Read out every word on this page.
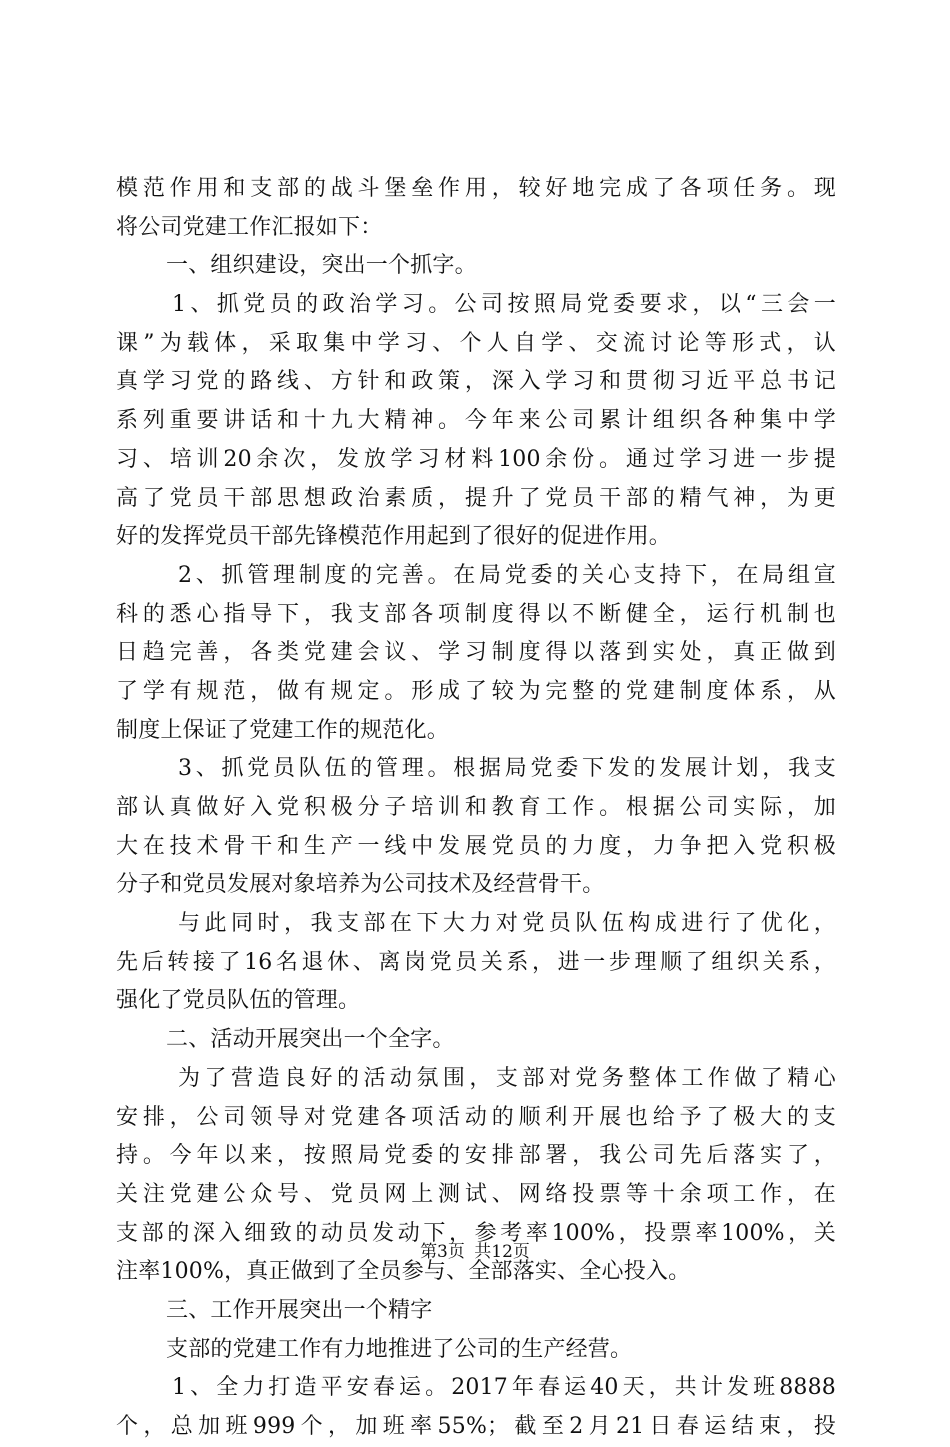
模范作用和支部的战斗堡垒作用，较好地完成了各项任务。现
将公司党建工作汇报如下：
一、组织建设，突出一个抓字。
1、抓党员的政治学习。公司按照局党委要求，以“三会一
课”为载体，采取集中学习、个人自学、交流讨论等形式，认
真学习党的路线、方针和政策，深入学习和贯彻习近平总书记
系列重要讲话和十九大精神。今年来公司累计组织各种集中学
习、培训20余次，发放学习材料100余份。通过学习进一步提
高了党员干部思想政治素质，提升了党员干部的精气神，为更
好的发挥党员干部先锋模范作用起到了很好的促进作用。
2、抓管理制度的完善。在局党委的关心支持下，在局组宣
科的悉心指导下，我支部各项制度得以不断健全，运行机制也
日趋完善，各类党建会议、学习制度得以落到实处，真正做到
了学有规范，做有规定。形成了较为完整的党建制度体系，从
制度上保证了党建工作的规范化。
3、抓党员队伍的管理。根据局党委下发的发展计划，我支
部认真做好入党积极分子培训和教育工作。根据公司实际，加
大在技术骨干和生产一线中发展党员的力度，力争把入党积极
分子和党员发展对象培养为公司技术及经营骨干。
与此同时，我支部在下大力对党员队伍构成进行了优化，
先后转接了16名退休、离岗党员关系，进一步理顺了组织关系，
强化了党员队伍的管理。
二、活动开展突出一个全字。
为了营造良好的活动氛围，支部对党务整体工作做了精心
安排，公司领导对党建各项活动的顺利开展也给予了极大的支
持。今年以来，按照局党委的安排部署，我公司先后落实了，
关注党建公众号、党员网上测试、网络投票等十余项工作，在
支部的深入细致的动员发动下，参考率100%，投票率100%，关
注率100%，真正做到了全员参与、全部落实、全心投入。
三、工作开展突出一个精字
支部的党建工作有力地推进了公司的生产经营。
1、全力打造平安春运。2017年春运40天，共计发班8888
个，总加班999个，加班率55%；截至2月21日春运结束，投
第3页 共12页
